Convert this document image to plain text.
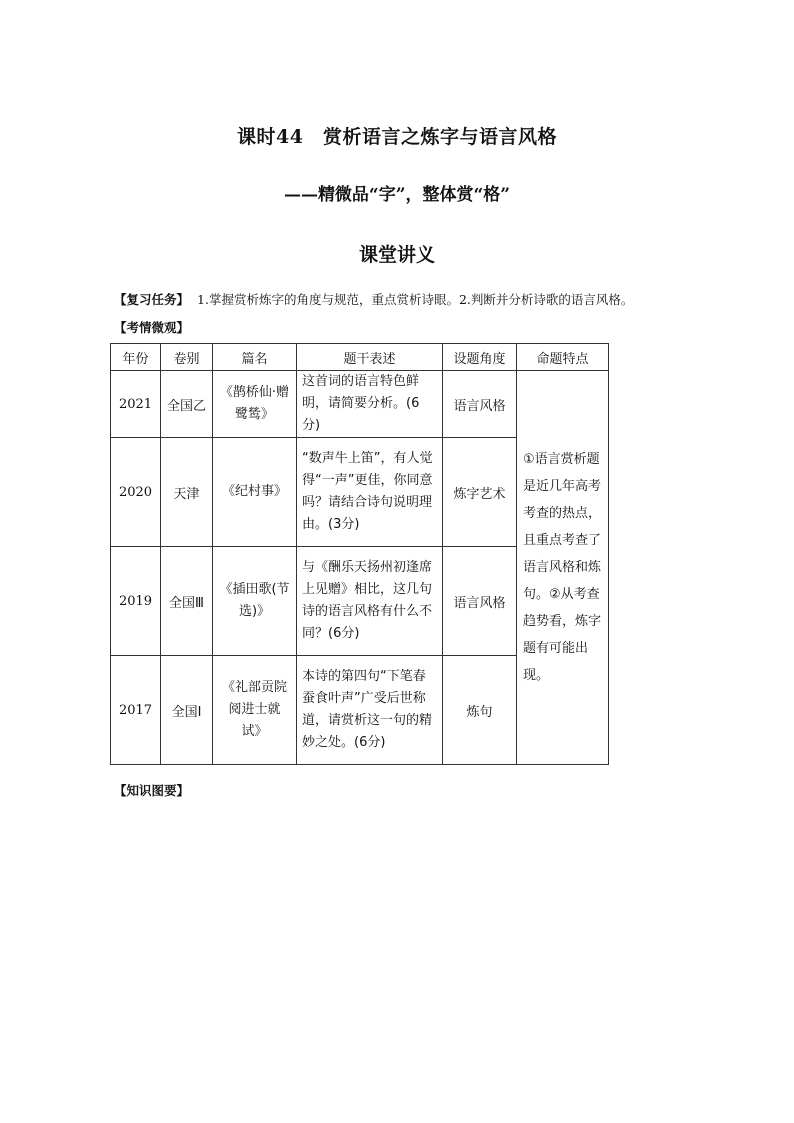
课时44　赏析语言之炼字与语言风格
——精微品“字”，整体赏“格”
课堂讲义
【复习任务】 1.掌握赏析炼字的角度与规范，重点赏析诗眼。2.判断并分析诗歌的语言风格。
【考情微观】
年份	卷别	篇名	题干表述	设题角度	命题特点
2021	全国乙	《鹊桥仙·赠鹭鸶》	这首词的语言特色鲜明，请简要分析。(6分)	语言风格	①语言赏析题是近几年高考考查的热点，且重点考查了语言风格和炼句。②从考查趋势看，炼字题有可能出现。
2020	天津	《纪村事》	“数声牛上笛”，有人觉得“一声”更佳，你同意吗？请结合诗句说明理由。(3分)	炼字艺术	
2019	全国Ⅲ	《插田歌(节选)》	与《酬乐天扬州初逢席上见赠》相比，这几句诗的语言风格有什么不同？(6分)	语言风格	
2017	全国Ⅰ	《礼部贡院阅进士就试》	本诗的第四句“下笔春蚕食叶声”广受后世称道，请赏析这一句的精妙之处。(6分)	炼句	
【知识图要】
